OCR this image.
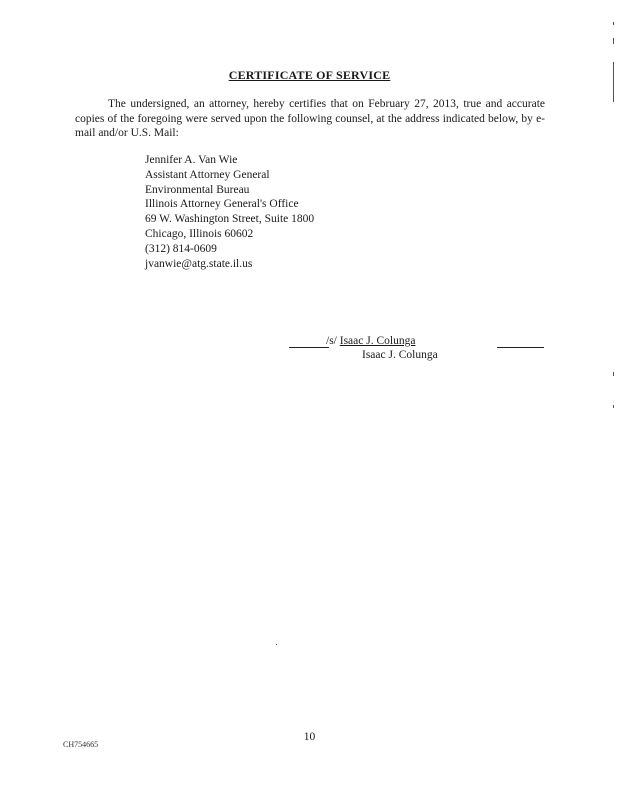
CERTIFICATE OF SERVICE
The undersigned, an attorney, hereby certifies that on February 27, 2013, true and accurate copies of the foregoing were served upon the following counsel, at the address indicated below, by e-mail and/or U.S. Mail:
Jennifer A. Van Wie
Assistant Attorney General
Environmental Bureau
Illinois Attorney General's Office
69 W. Washington Street, Suite 1800
Chicago, Illinois 60602
(312) 814-0609
jvanwie@atg.state.il.us
/s/ Isaac J. Colunga
Isaac J. Colunga
10
CH754665
